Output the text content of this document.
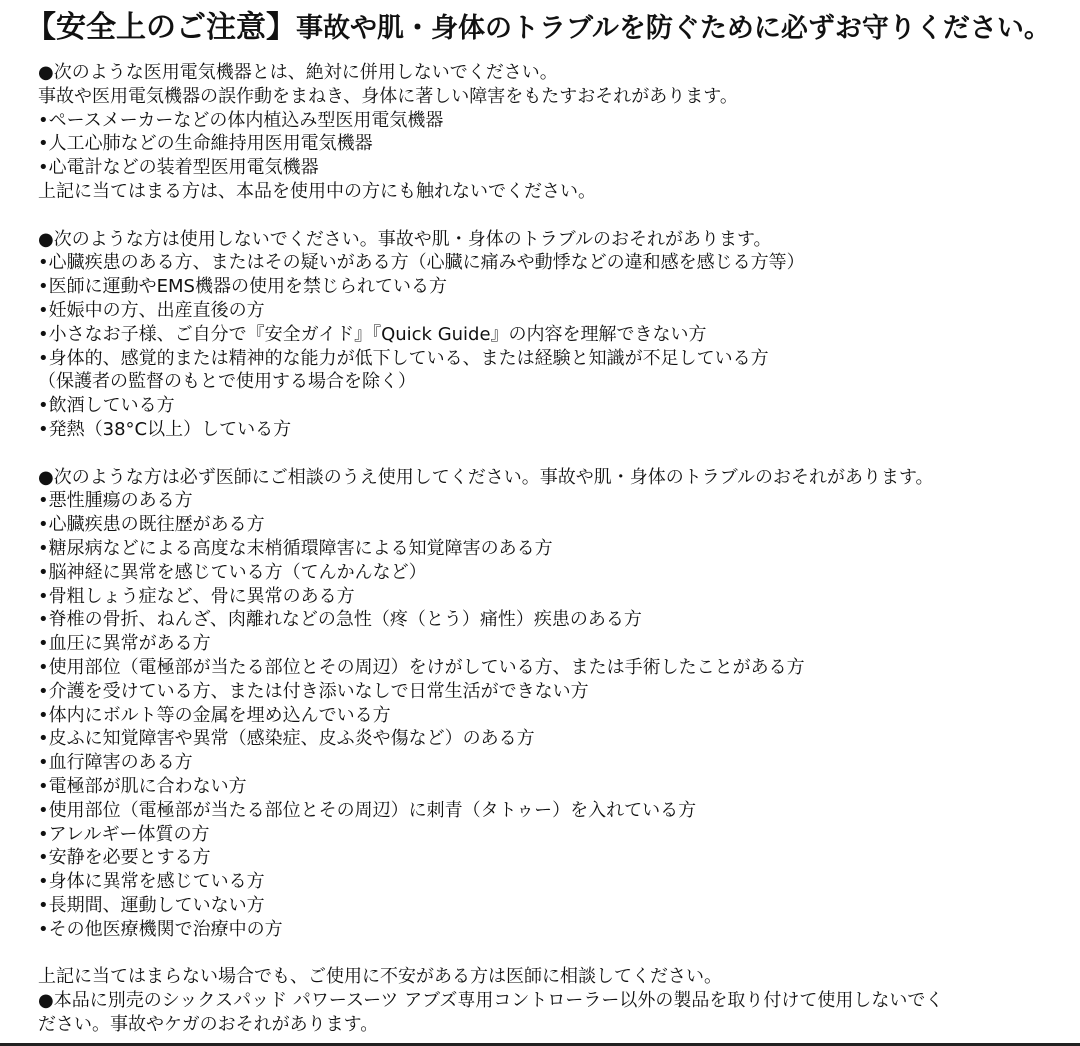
【安全上のご注意】事故や肌・身体のトラブルを防ぐために必ずお守りください。
●次のような医用電気機器とは、絶対に併用しないでください。
事故や医用電気機器の誤作動をまねき、身体に著しい障害をもたすおそれがあります。
•ペースメーカーなどの体内植込み型医用電気機器
•人工心肺などの生命維持用医用電気機器
•心電計などの装着型医用電気機器
上記に当てはまる方は、本品を使用中の方にも触れないでください。
●次のような方は使用しないでください。事故や肌・身体のトラブルのおそれがあります。
•心臓疾患のある方、またはその疑いがある方（心臓に痛みや動悸などの違和感を感じる方等）
•医師に運動やEMS機器の使用を禁じられている方
•妊娠中の方、出産直後の方
•小さなお子様、ご自分で『安全ガイド』『Quick Guide』の内容を理解できない方
•身体的、感覚的または精神的な能力が低下している、または経験と知識が不足している方
（保護者の監督のもとで使用する場合を除く）
•飲酒している方
•発熱（38°C以上）している方
●次のような方は必ず医師にご相談のうえ使用してください。事故や肌・身体のトラブルのおそれがあります。
•悪性腫瘍のある方
•心臓疾患の既往歴がある方
•糖尿病などによる高度な末梢循環障害による知覚障害のある方
•脳神経に異常を感じている方（てんかんなど）
•骨粗しょう症など、骨に異常のある方
•脊椎の骨折、ねんざ、肉離れなどの急性（疼（とう）痛性）疾患のある方
•血圧に異常がある方
•使用部位（電極部が当たる部位とその周辺）をけがしている方、または手術したことがある方
•介護を受けている方、または付き添いなしで日常生活ができない方
•体内にボルト等の金属を埋め込んでいる方
•皮ふに知覚障害や異常（感染症、皮ふ炎や傷など）のある方
•血行障害のある方
•電極部が肌に合わない方
•使用部位（電極部が当たる部位とその周辺）に刺青（タトゥー）を入れている方
•アレルギー体質の方
•安静を必要とする方
•身体に異常を感じている方
•長期間、運動していない方
•その他医療機関で治療中の方
上記に当てはまらない場合でも、ご使用に不安がある方は医師に相談してください。
●本品に別売のシックスパッド パワースーツ アブズ専用コントローラー以外の製品を取り付けて使用しないでく
ださい。事故やケガのおそれがあります。
